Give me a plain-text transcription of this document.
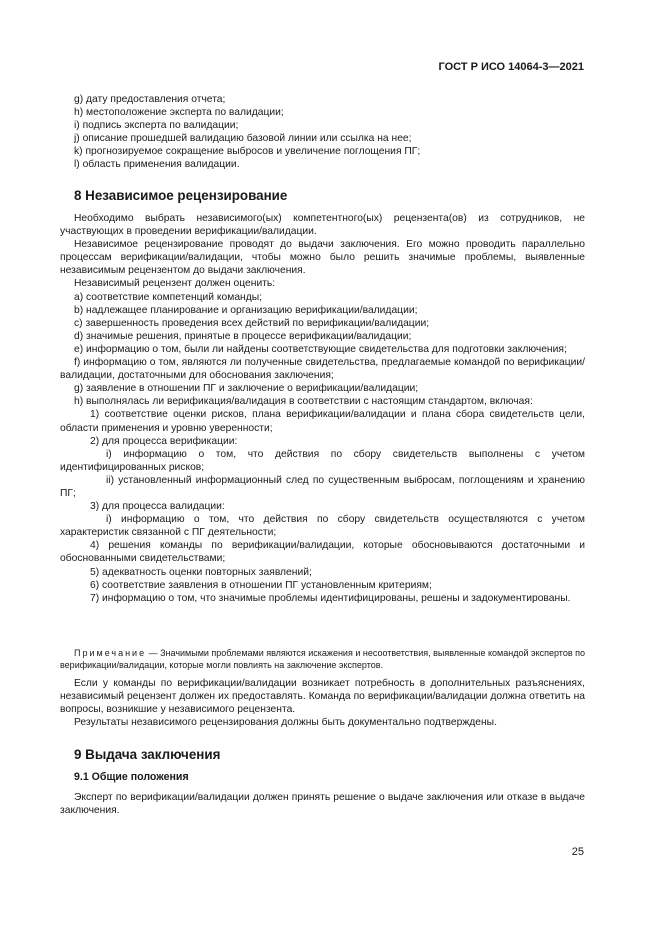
ГОСТ Р ИСО 14064-3—2021

g) дату предоставления отчета;

h) местоположение эксперта по валидации;

i) подпись эксперта по валидации;

j) описание прошедшей валидацию базовой линии или ссылка на нее;

k) прогнозируемое сокращение выбросов и увеличение поглощения ПГ;

l) область применения валидации.

8 Независимое рецензирование

Необходимо выбрать независимого(ых) компетентного(ых) рецензента(ов) из сотрудников, не участвующих в проведении верификации/валидации.

Независимое рецензирование проводят до выдачи заключения. Его можно проводить параллельно процессам верификации/валидации, чтобы можно было решить значимые проблемы, выявленные независимым рецензентом до выдачи заключения.

Независимый рецензент должен оценить:

a) соответствие компетенций команды;

b) надлежащее планирование и организацию верификации/валидации;

c) завершенность проведения всех действий по верификации/валидации;

d) значимые решения, принятые в процессе верификации/валидации;

e) информацию о том, были ли найдены соответствующие свидетельства для подготовки заключения;

f) информацию о том, являются ли полученные свидетельства, предлагаемые командой по верификации/валидации, достаточными для обоснования заключения;

g) заявление в отношении ПГ и заключение о верификации/валидации;

h) выполнялась ли верификация/валидация в соответствии с настоящим стандартом, включая:

1) соответствие оценки рисков, плана верификации/валидации и плана сбора свидетельств цели, области применения и уровню уверенности;

2) для процесса верификации:

i) информацию о том, что действия по сбору свидетельств выполнены с учетом идентифицированных рисков;

ii) установленный информационный след по существенным выбросам, поглощениям и хранению ПГ;

3) для процесса валидации:

i) информацию о том, что действия по сбору свидетельств осуществляются с учетом характеристик связанной с ПГ деятельности;

4) решения команды по верификации/валидации, которые обосновываются достаточными и обоснованными свидетельствами;

5) адекватность оценки повторных заявлений;

6) соответствие заявления в отношении ПГ установленным критериям;

7) информацию о том, что значимые проблемы идентифицированы, решены и задокументированы.

Примечание — Значимыми проблемами являются искажения и несоответствия, выявленные командой экспертов по верификации/валидации, которые могли повлиять на заключение экспертов.

Если у команды по верификации/валидации возникает потребность в дополнительных разъяснениях, независимый рецензент должен их предоставлять. Команда по верификации/валидации должна ответить на вопросы, возникшие у независимого рецензента.

Результаты независимого рецензирования должны быть документально подтверждены.

9 Выдача заключения
9.1 Общие положения

Эксперт по верификации/валидации должен принять решение о выдаче заключения или отказе в выдаче заключения.

25
